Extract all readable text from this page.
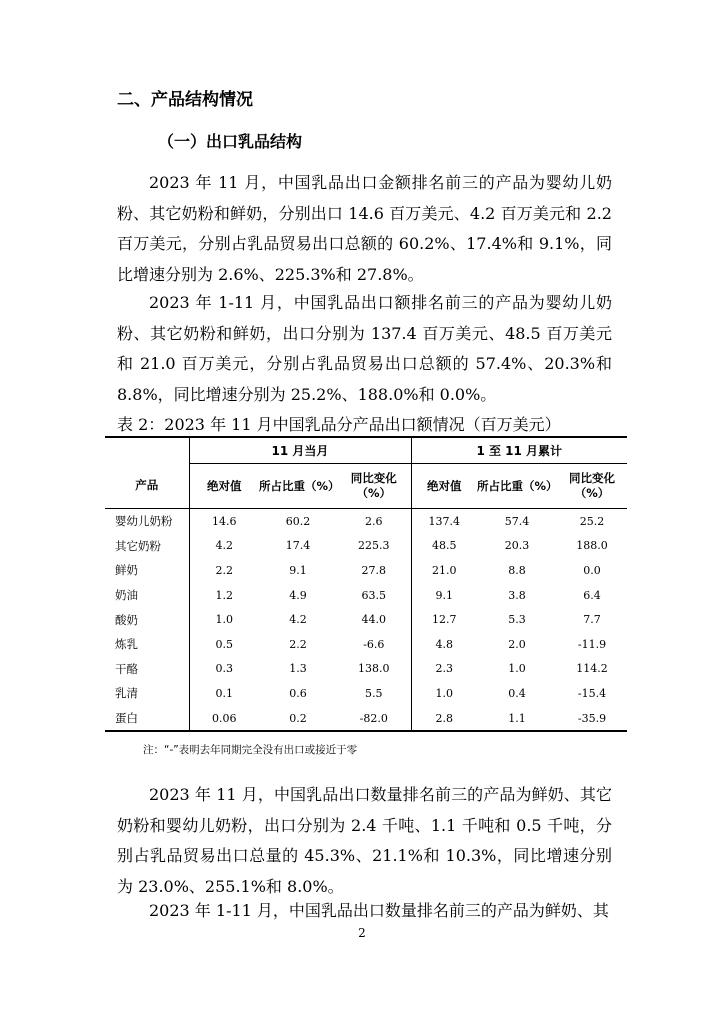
二、产品结构情况
（一）出口乳品结构

2023 年 11 月，中国乳品出口金额排名前三的产品为婴幼儿奶粉、其它奶粉和鲜奶，分别出口 14.6 百万美元、4.2 百万美元和 2.2 百万美元，分别占乳品贸易出口总额的 60.2%、17.4%和 9.1%，同比增速分别为 2.6%、225.3%和 27.8%。

2023 年 1-11 月，中国乳品出口额排名前三的产品为婴幼儿奶粉、其它奶粉和鲜奶，出口分别为 137.4 百万美元、48.5 百万美元和 21.0 百万美元，分别占乳品贸易出口总额的 57.4%、20.3%和 8.8%，同比增速分别为 25.2%、188.0%和 0.0%。

表 2：2023 年 11 月中国乳品分产品出口额情况（百万美元）
	11 月当月			1 至 11 月累计		
产品	绝对值	所占比重（%）	同比变化（%）	绝对值	所占比重（%）	同比变化（%）
婴幼儿奶粉	14.6	60.2	2.6	137.4	57.4	25.2
其它奶粉	4.2	17.4	225.3	48.5	20.3	188.0
鲜奶	2.2	9.1	27.8	21.0	8.8	0.0
奶油	1.2	4.9	63.5	9.1	3.8	6.4
酸奶	1.0	4.2	44.0	12.7	5.3	7.7
炼乳	0.5	2.2	-6.6	4.8	2.0	-11.9
干酪	0.3	1.3	138.0	2.3	1.0	114.2
乳清	0.1	0.6	5.5	1.0	0.4	-15.4
蛋白	0.06	0.2	-82.0	2.8	1.1	-35.9
注：“-”表明去年同期完全没有出口或接近于零

2023 年 11 月，中国乳品出口数量排名前三的产品为鲜奶、其它奶粉和婴幼儿奶粉，出口分别为 2.4 千吨、1.1 千吨和 0.5 千吨，分别占乳品贸易出口总量的 45.3%、21.1%和 10.3%，同比增速分别为 23.0%、255.1%和 8.0%。

2023 年 1-11 月，中国乳品出口数量排名前三的产品为鲜奶、其

2
